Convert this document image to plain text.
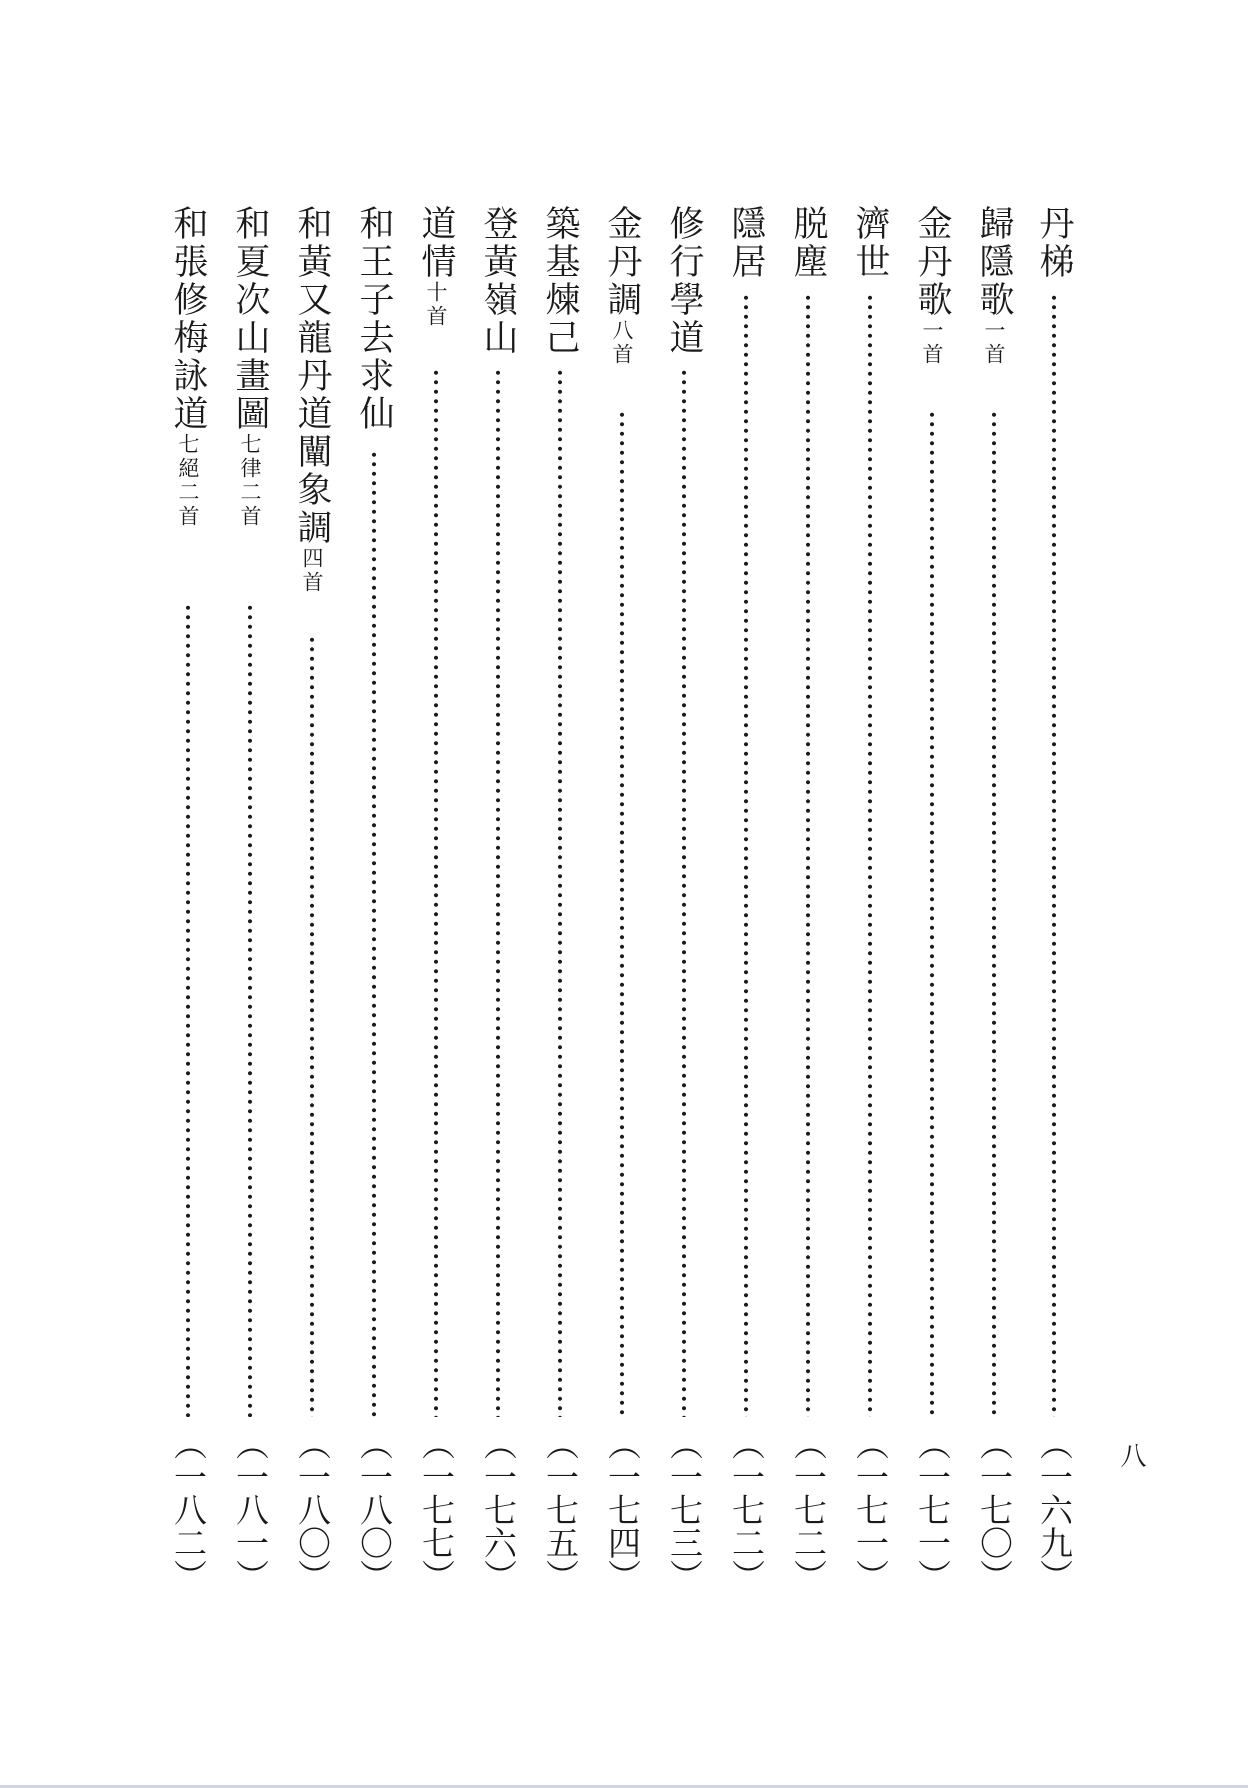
八
丹梯
︵一六九︶
歸隱歌一首
︵一七〇︶
金丹歌一首
︵一七一︶
濟世
︵一七一︶
脱塵
︵一七二︶
隱居
︵一七二︶
修行學道
︵一七三︶
金丹調八首
︵一七四︶
築基煉己
︵一七五︶
登黃嶺山
︵一七六︶
道情十首
︵一七七︶
和王子去求仙
︵一八〇︶
和黃又龍丹道闡象調四首
︵一八〇︶
和夏次山畫圖七律二首
︵一八一︶
和張修梅詠道七絕二首
︵一八二︶
